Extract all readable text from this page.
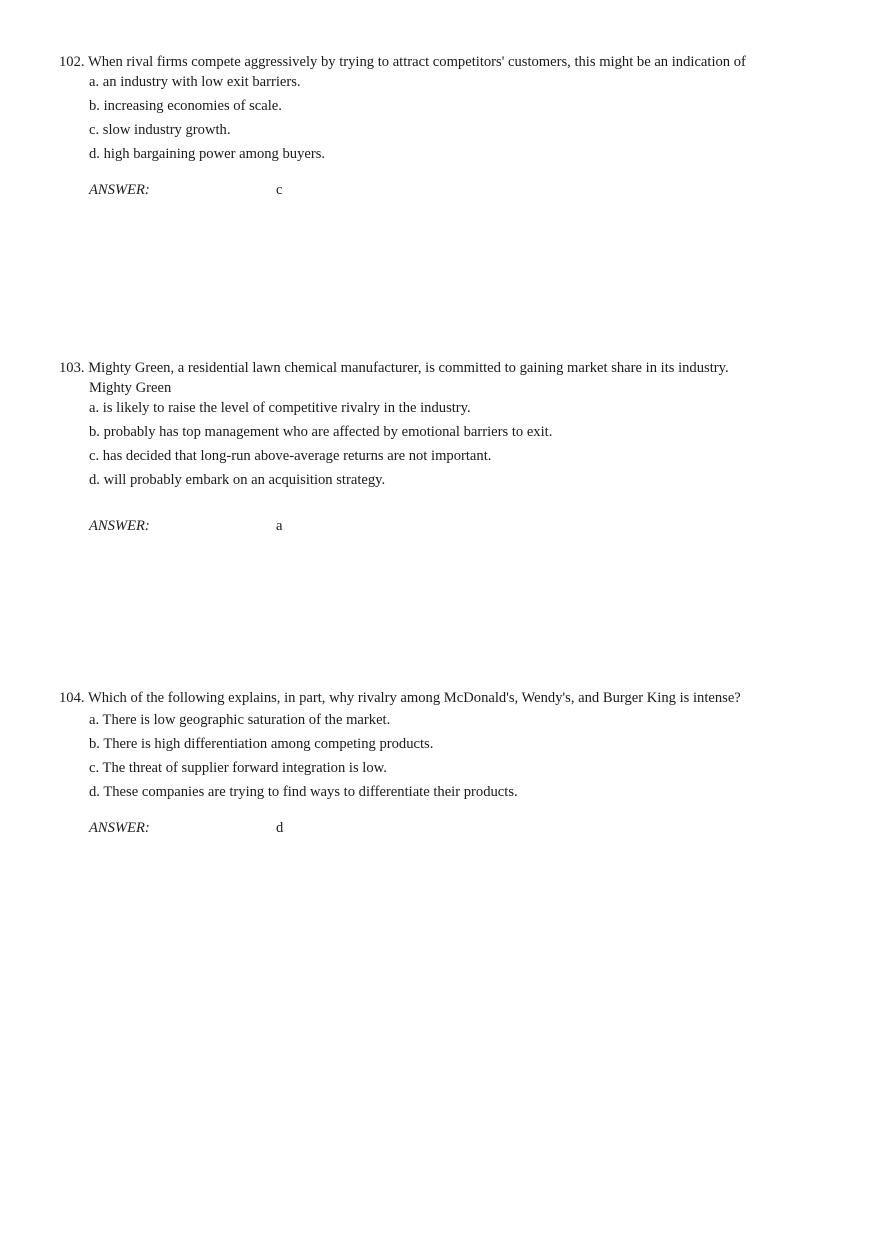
102. When rival firms compete aggressively by trying to attract competitors' customers, this might be an indication of
a. an industry with low exit barriers.
b. increasing economies of scale.
c. slow industry growth.
d. high bargaining power among buyers.
ANSWER:	c
103. Mighty Green, a residential lawn chemical manufacturer, is committed to gaining market share in its industry.
Mighty Green
a. is likely to raise the level of competitive rivalry in the industry.
b. probably has top management who are affected by emotional barriers to exit.
c. has decided that long-run above-average returns are not important.
d. will probably embark on an acquisition strategy.
ANSWER:	a
104. Which of the following explains, in part, why rivalry among McDonald's, Wendy's, and Burger King is intense?
a. There is low geographic saturation of the market.
b. There is high differentiation among competing products.
c. The threat of supplier forward integration is low.
d. These companies are trying to find ways to differentiate their products.
ANSWER:	d
